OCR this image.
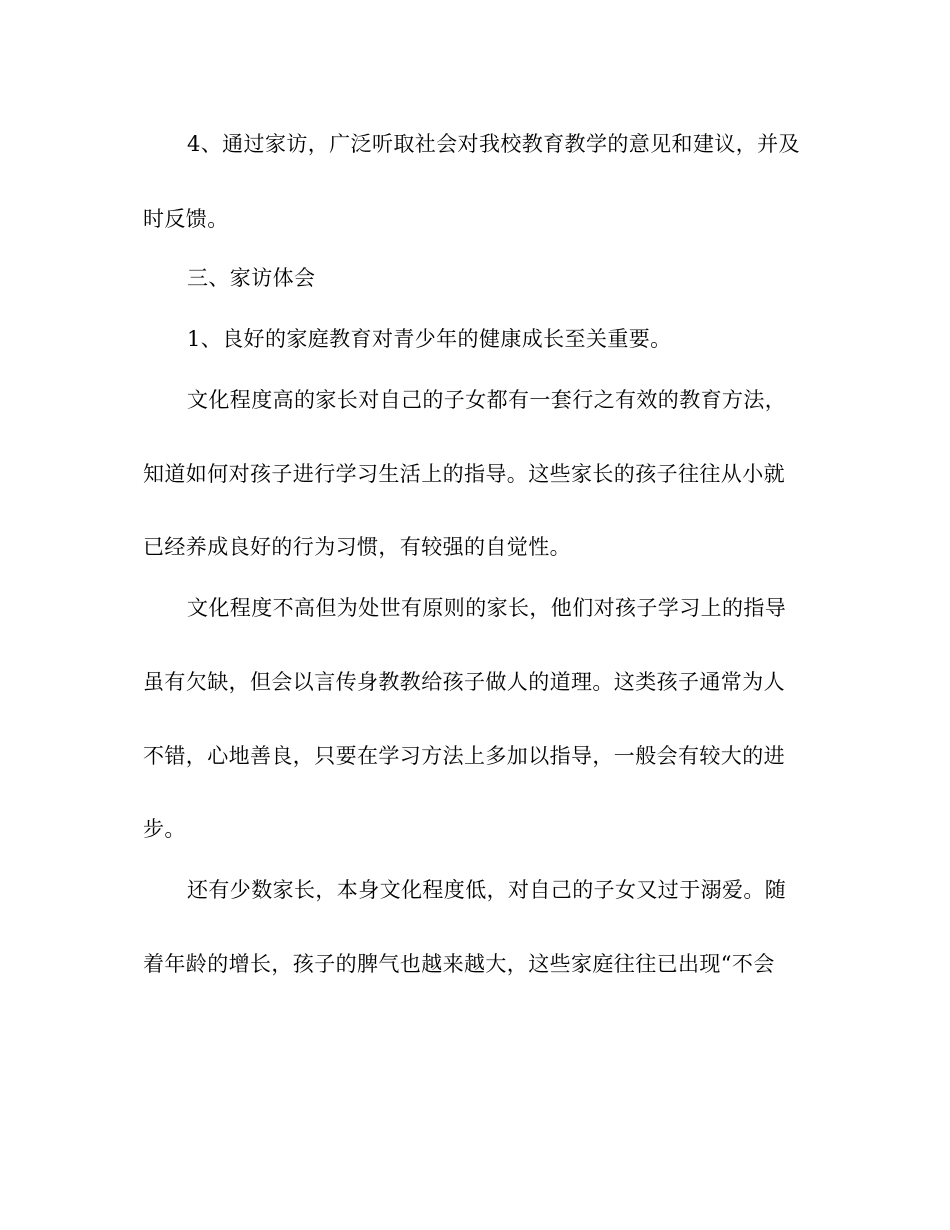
4、通过家访，广泛听取社会对我校教育教学的意见和建议，并及
时反馈。
三、家访体会
1、良好的家庭教育对青少年的健康成长至关重要。
文化程度高的家长对自己的子女都有一套行之有效的教育方法，
知道如何对孩子进行学习生活上的指导。这些家长的孩子往往从小就
已经养成良好的行为习惯，有较强的自觉性。
文化程度不高但为处世有原则的家长，他们对孩子学习上的指导
虽有欠缺，但会以言传身教教给孩子做人的道理。这类孩子通常为人
不错，心地善良，只要在学习方法上多加以指导，一般会有较大的进
步。
还有少数家长，本身文化程度低，对自己的子女又过于溺爱。随
着年龄的增长，孩子的脾气也越来越大，这些家庭往往已出现“不会
